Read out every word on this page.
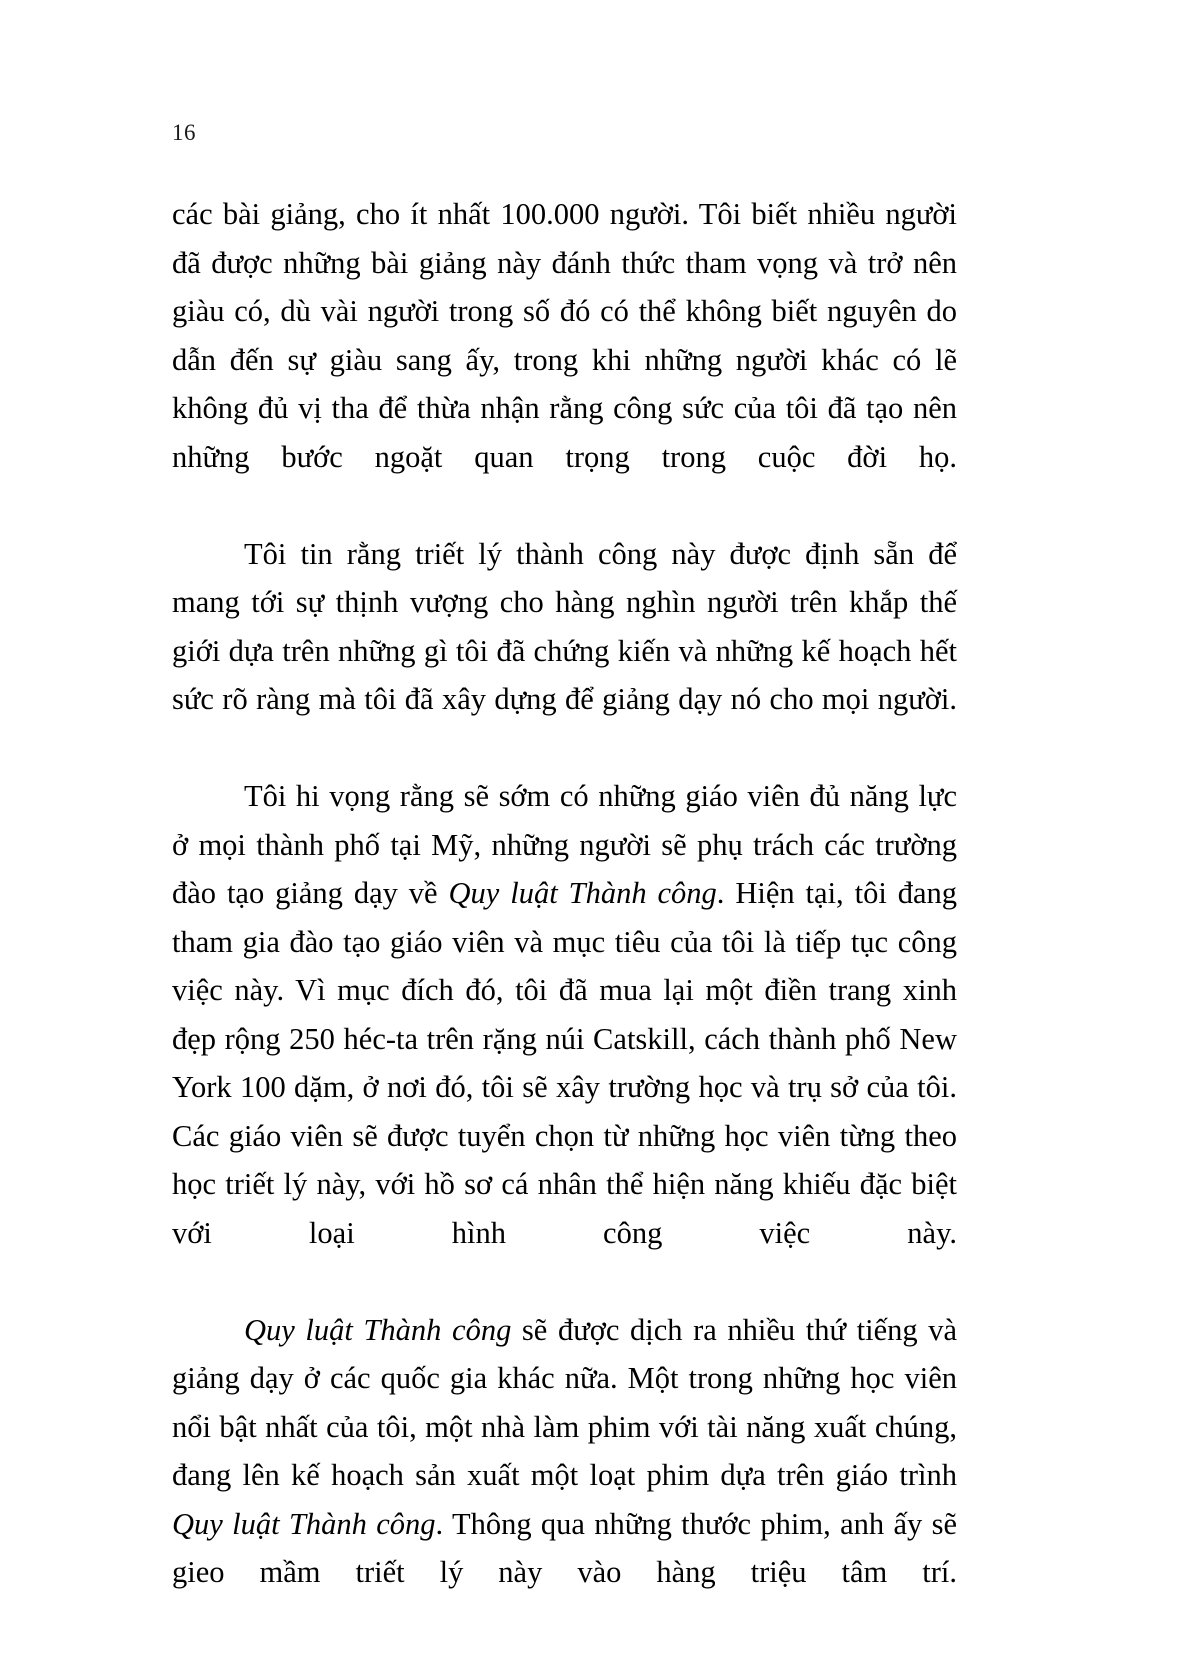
16

các bài giảng, cho ít nhất 100.000 người. Tôi biết nhiều người đã được những bài giảng này đánh thức tham vọng và trở nên giàu có, dù vài người trong số đó có thể không biết nguyên do dẫn đến sự giàu sang ấy, trong khi những người khác có lẽ không đủ vị tha để thừa nhận rằng công sức của tôi đã tạo nên những bước ngoặt quan trọng trong cuộc đời họ.

Tôi tin rằng triết lý thành công này được định sẵn để mang tới sự thịnh vượng cho hàng nghìn người trên khắp thế giới dựa trên những gì tôi đã chứng kiến và những kế hoạch hết sức rõ ràng mà tôi đã xây dựng để giảng dạy nó cho mọi người.

Tôi hi vọng rằng sẽ sớm có những giáo viên đủ năng lực ở mọi thành phố tại Mỹ, những người sẽ phụ trách các trường đào tạo giảng dạy về Quy luật Thành công. Hiện tại, tôi đang tham gia đào tạo giáo viên và mục tiêu của tôi là tiếp tục công việc này. Vì mục đích đó, tôi đã mua lại một điền trang xinh đẹp rộng 250 héc-ta trên rặng núi Catskill, cách thành phố New York 100 dặm, ở nơi đó, tôi sẽ xây trường học và trụ sở của tôi. Các giáo viên sẽ được tuyển chọn từ những học viên từng theo học triết lý này, với hồ sơ cá nhân thể hiện năng khiếu đặc biệt với loại hình công việc này.

Quy luật Thành công sẽ được dịch ra nhiều thứ tiếng và giảng dạy ở các quốc gia khác nữa. Một trong những học viên nổi bật nhất của tôi, một nhà làm phim với tài năng xuất chúng, đang lên kế hoạch sản xuất một loạt phim dựa trên giáo trình Quy luật Thành công. Thông qua những thước phim, anh ấy sẽ gieo mầm triết lý này vào hàng triệu tâm trí.
